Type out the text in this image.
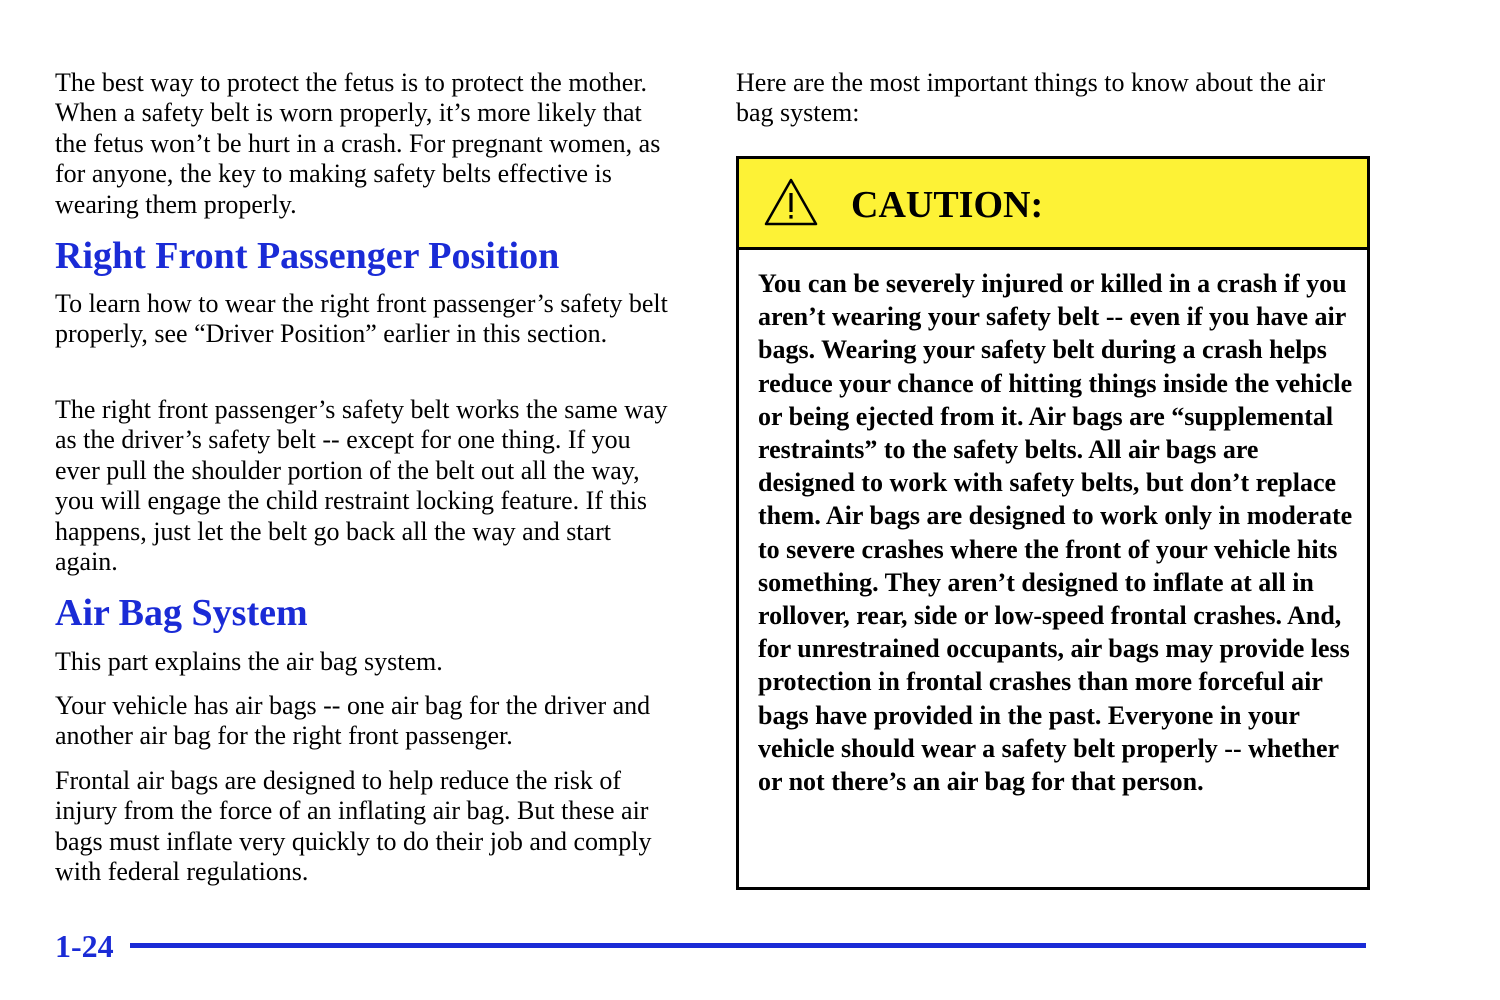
The best way to protect the fetus is to protect the mother. When a safety belt is worn properly, it’s more likely that the fetus won’t be hurt in a crash. For pregnant women, as for anyone, the key to making safety belts effective is wearing them properly.

Right Front Passenger Position

To learn how to wear the right front passenger’s safety belt properly, see “Driver Position” earlier in this section.

The right front passenger’s safety belt works the same way as the driver’s safety belt -- except for one thing. If you ever pull the shoulder portion of the belt out all the way, you will engage the child restraint locking feature. If this happens, just let the belt go back all the way and start again.

Air Bag System

This part explains the air bag system.

Your vehicle has air bags -- one air bag for the driver and another air bag for the right front passenger.

Frontal air bags are designed to help reduce the risk of injury from the force of an inflating air bag. But these air bags must inflate very quickly to do their job and comply with federal regulations.

Here are the most important things to know about the air bag system:

CAUTION:
You can be severely injured or killed in a crash if you aren’t wearing your safety belt -- even if you have air bags. Wearing your safety belt during a crash helps reduce your chance of hitting things inside the vehicle or being ejected from it. Air bags are “supplemental restraints” to the safety belts. All air bags are designed to work with safety belts, but don’t replace them. Air bags are designed to work only in moderate to severe crashes where the front of your vehicle hits something. They aren’t designed to inflate at all in rollover, rear, side or low-speed frontal crashes. And, for unrestrained occupants, air bags may provide less protection in frontal crashes than more forceful air bags have provided in the past. Everyone in your vehicle should wear a safety belt properly -- whether or not there’s an air bag for that person.
1-24
